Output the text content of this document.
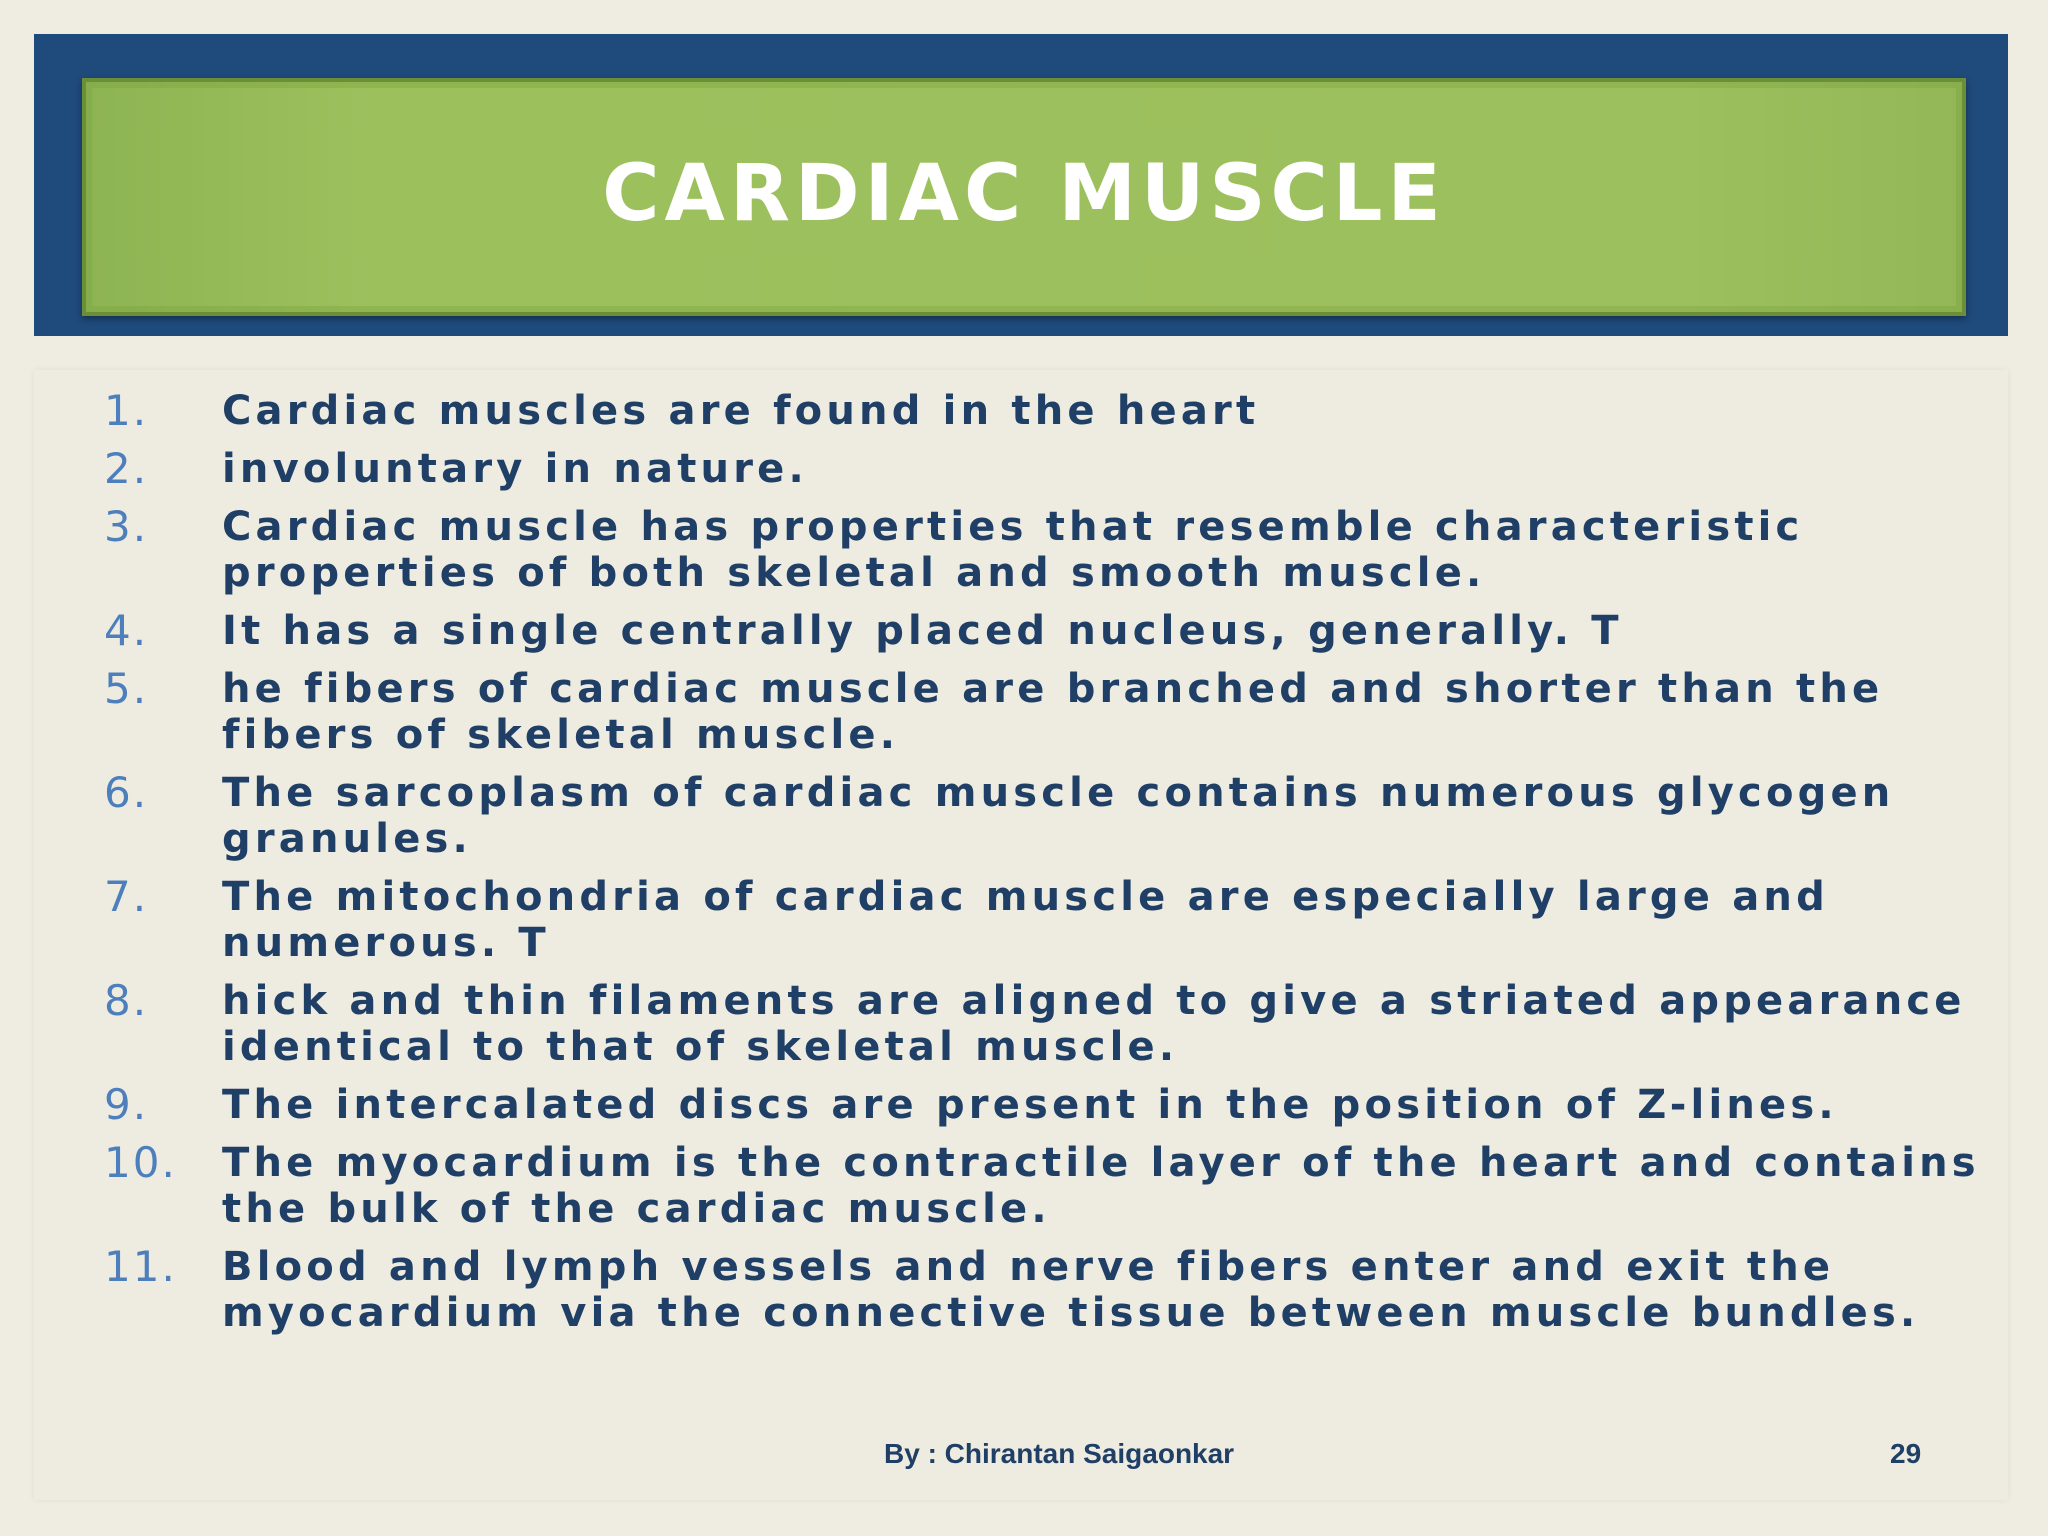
CARDIAC MUSCLE
1.	Cardiac muscles are found in the heart
2.	involuntary in nature.
3.	Cardiac muscle has properties that resemble characteristic properties of both skeletal and smooth muscle.
4.	It has a single centrally placed nucleus, generally. T
5.	he fibers of cardiac muscle are branched and shorter than the fibers of skeletal muscle.
6.	The sarcoplasm of cardiac muscle contains numerous glycogen granules.
7.	The mitochondria of cardiac muscle are especially large and numerous. T
8.	hick and thin filaments are aligned to give a striated appearance identical to that of skeletal muscle.
9.	The intercalated discs are present in the position of Z-lines.
10.	The myocardium is the contractile layer of the heart and contains the bulk of the cardiac muscle.
11.	Blood and lymph vessels and nerve fibers enter and exit the myocardium via the connective tissue between muscle bundles.
By : Chirantan Saigaonkar	29
